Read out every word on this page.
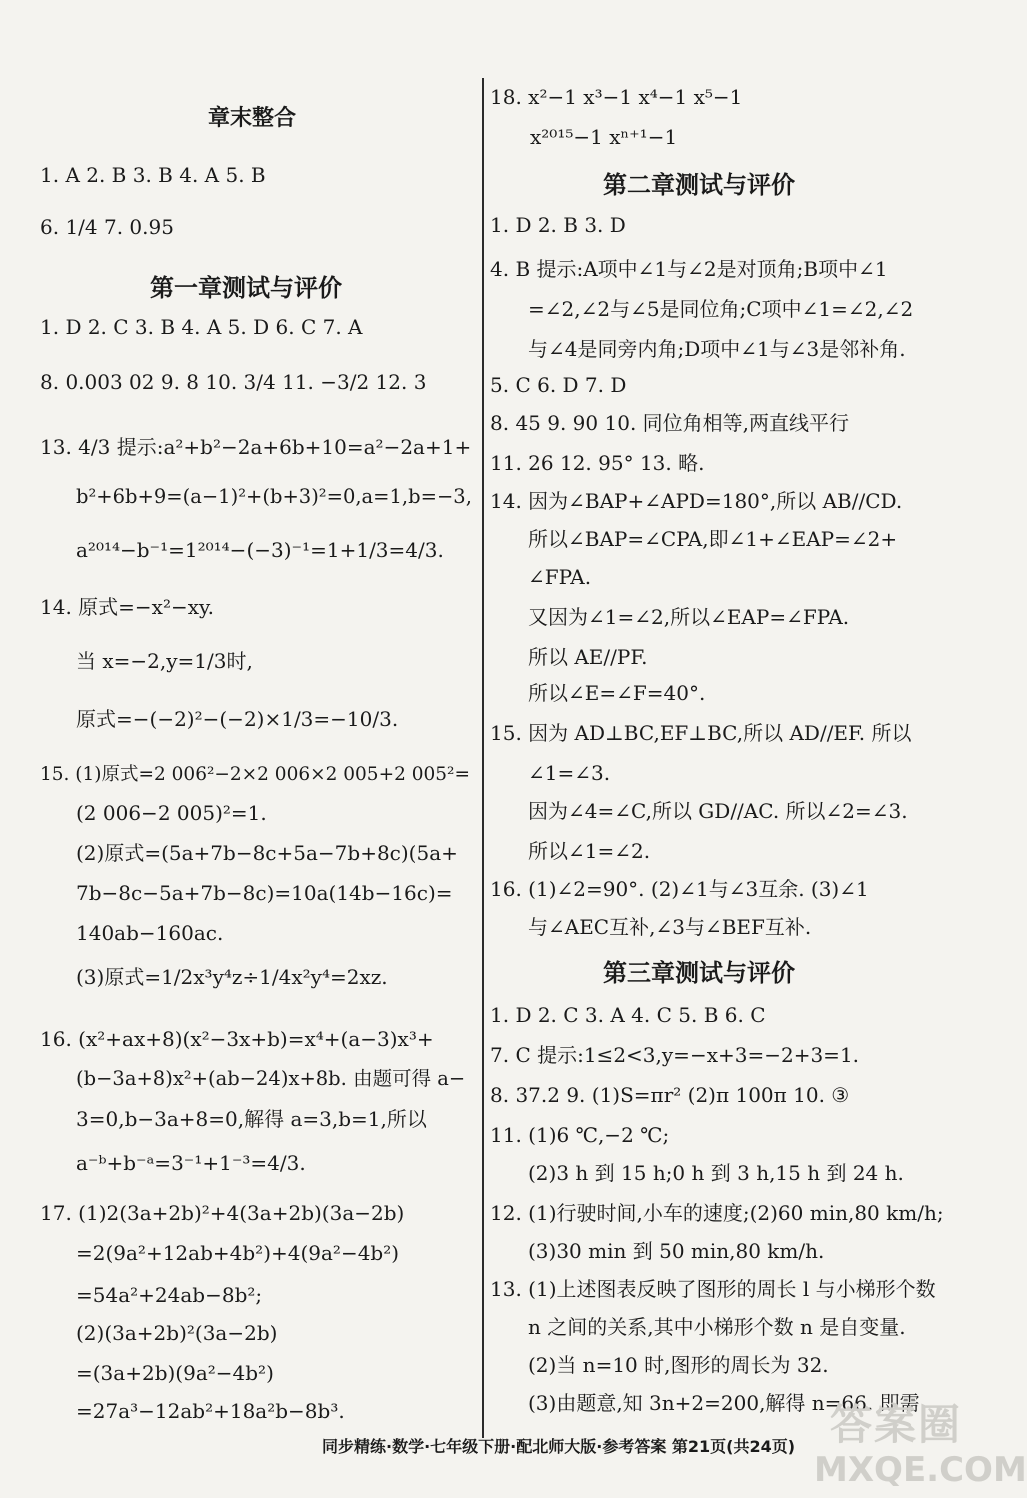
章末整合
1. A 2. B 3. B 4. A 5. B
6. 1/4 7. 0.95
第一章测试与评价
1. D 2. C 3. B 4. A 5. D 6. C 7. A
8. 0.003 02 9. 8 10. 3/4 11. −3/2 12. 3
13. 4/3 提示:a²+b²−2a+6b+10=a²−2a+1+
b²+6b+9=(a−1)²+(b+3)²=0,a=1,b=−3,
a²⁰¹⁴−b⁻¹=1²⁰¹⁴−(−3)⁻¹=1+1/3=4/3.
14. 原式=−x²−xy.
当 x=−2,y=1/3时,
原式=−(−2)²−(−2)×1/3=−10/3.
15. (1)原式=2 006²−2×2 006×2 005+2 005²=
(2 006−2 005)²=1.
(2)原式=(5a+7b−8c+5a−7b+8c)(5a+
7b−8c−5a+7b−8c)=10a(14b−16c)=
140ab−160ac.
(3)原式=1/2x³y⁴z÷1/4x²y⁴=2xz.
16. (x²+ax+8)(x²−3x+b)=x⁴+(a−3)x³+
(b−3a+8)x²+(ab−24)x+8b. 由题可得 a−
3=0,b−3a+8=0,解得 a=3,b=1,所以
a⁻ᵇ+b⁻ᵃ=3⁻¹+1⁻³=4/3.
17. (1)2(3a+2b)²+4(3a+2b)(3a−2b)
=2(9a²+12ab+4b²)+4(9a²−4b²)
=54a²+24ab−8b²;
(2)(3a+2b)²(3a−2b)
=(3a+2b)(9a²−4b²)
=27a³−12ab²+18a²b−8b³.
18. x²−1 x³−1 x⁴−1 x⁵−1
x²⁰¹⁵−1 xⁿ⁺¹−1
第二章测试与评价
1. D 2. B 3. D
4. B 提示:A项中∠1与∠2是对顶角;B项中∠1
=∠2,∠2与∠5是同位角;C项中∠1=∠2,∠2
与∠4是同旁内角;D项中∠1与∠3是邻补角.
5. C 6. D 7. D
8. 45 9. 90 10. 同位角相等,两直线平行
11. 26 12. 95° 13. 略.
14. 因为∠BAP+∠APD=180°,所以 AB//CD.
所以∠BAP=∠CPA,即∠1+∠EAP=∠2+
∠FPA.
又因为∠1=∠2,所以∠EAP=∠FPA.
所以 AE//PF.
所以∠E=∠F=40°.
15. 因为 AD⊥BC,EF⊥BC,所以 AD//EF. 所以
∠1=∠3.
因为∠4=∠C,所以 GD//AC. 所以∠2=∠3.
所以∠1=∠2.
16. (1)∠2=90°. (2)∠1与∠3互余. (3)∠1
与∠AEC互补,∠3与∠BEF互补.
第三章测试与评价
1. D 2. C 3. A 4. C 5. B 6. C
7. C 提示:1≤2<3,y=−x+3=−2+3=1.
8. 37.2 9. (1)S=πr² (2)π 100π 10. ③
11. (1)6 ℃,−2 ℃;
(2)3 h 到 15 h;0 h 到 3 h,15 h 到 24 h.
12. (1)行驶时间,小车的速度;(2)60 min,80 km/h;
(3)30 min 到 50 min,80 km/h.
13. (1)上述图表反映了图形的周长 l 与小梯形个数
n 之间的关系,其中小梯形个数 n 是自变量.
(2)当 n=10 时,图形的周长为 32.
(3)由题意,知 3n+2=200,解得 n=66. 即需
同步精练·数学·七年级下册·配北师大版·参考答案 第21页(共24页) 答案圈
MXQE.COM
